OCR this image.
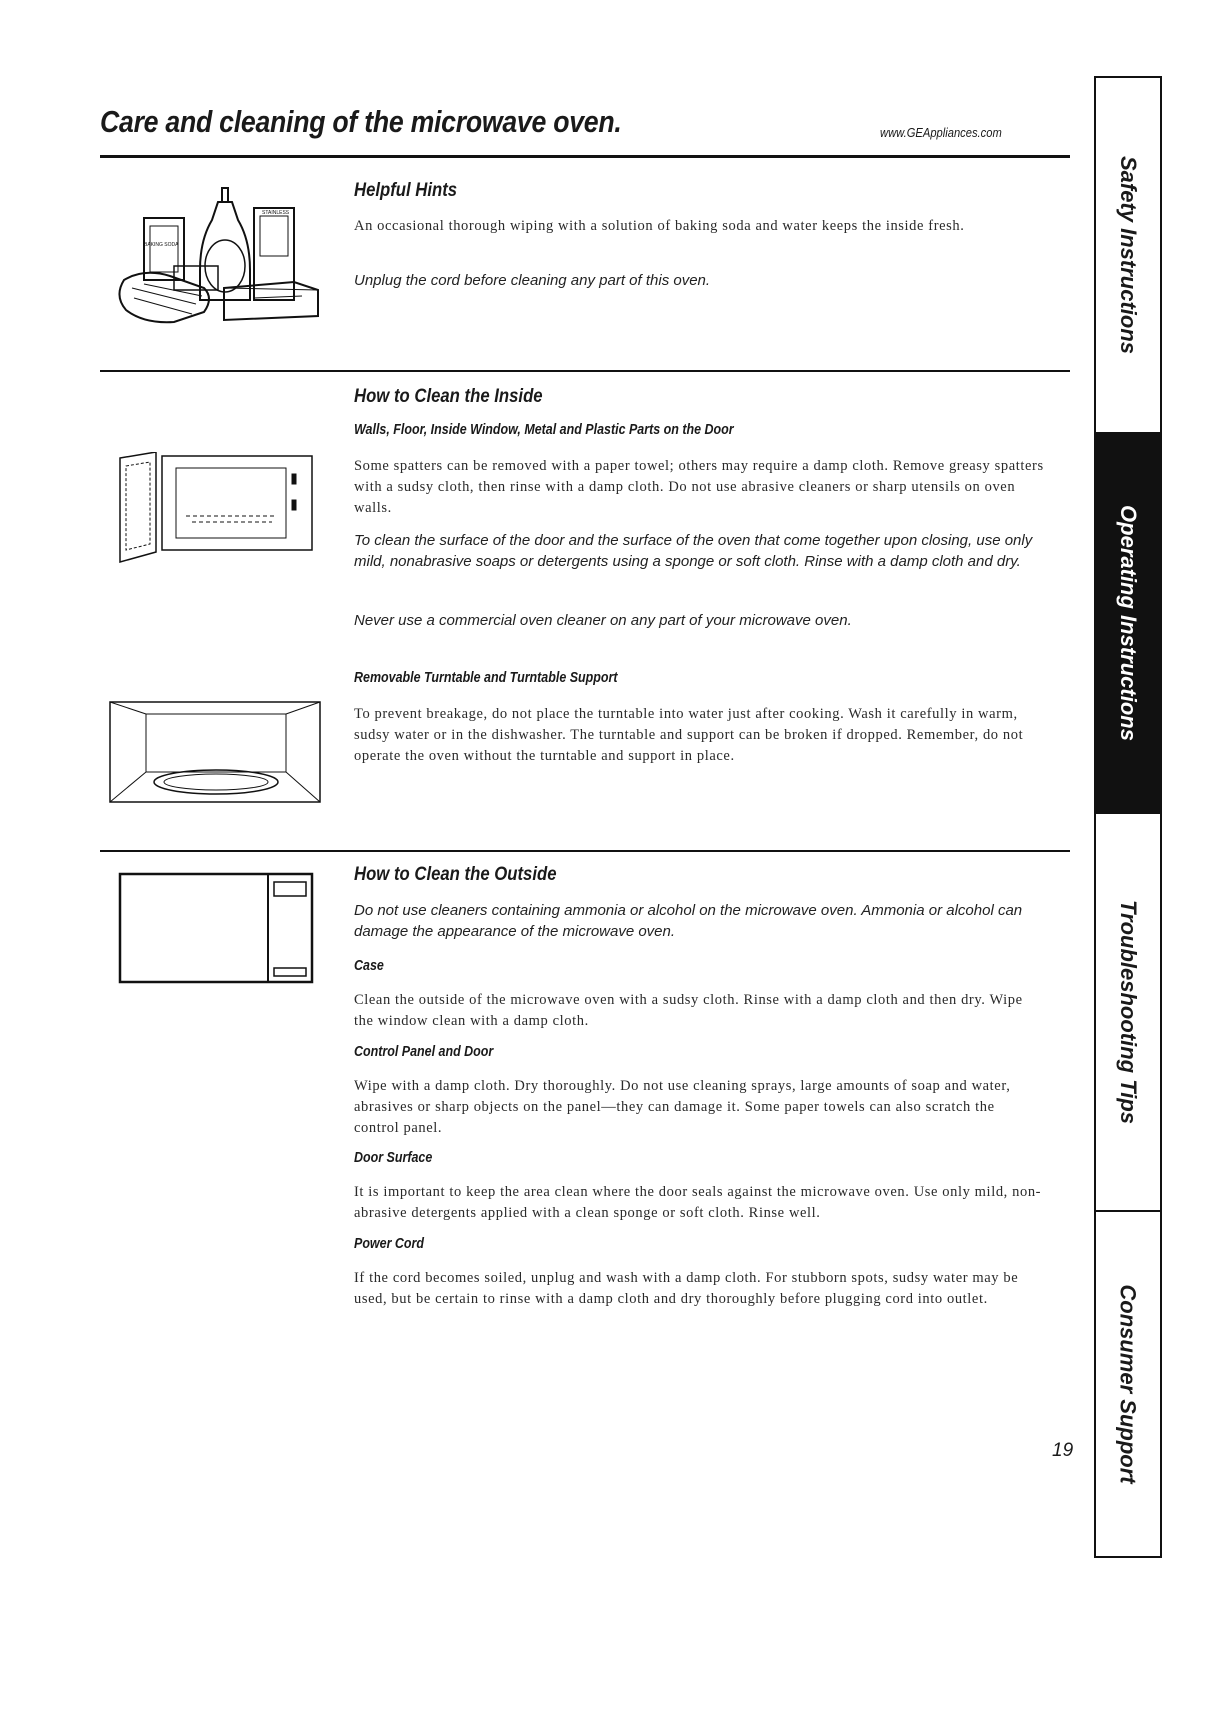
Care and cleaning of the microwave oven.	www.GEAppliances.com
STAINLESS
BAKING SODA
Helpful Hints
An occasional thorough wiping with a solution of baking soda and water keeps the inside fresh.
Unplug the cord before cleaning any part of this oven.
How to Clean the Inside
Walls, Floor, Inside Window, Metal and Plastic Parts on the Door
Some spatters can be removed with a paper towel; others may require a damp cloth. Remove greasy spatters with a sudsy cloth, then rinse with a damp cloth. Do not use abrasive cleaners or sharp utensils on oven walls.
To clean the surface of the door and the surface of the oven that come together upon closing, use only mild, nonabrasive soaps or detergents using a sponge or soft cloth. Rinse with a damp cloth and dry.
Never use a commercial oven cleaner on any part of your microwave oven.
Removable Turntable and Turntable Support
To prevent breakage, do not place the turntable into water just after cooking. Wash it carefully in warm, sudsy water or in the dishwasher. The turntable and support can be broken if dropped. Remember, do not operate the oven without the turntable and support in place.
How to Clean the Outside
Do not use cleaners containing ammonia or alcohol on the microwave oven. Ammonia or alcohol can damage the appearance of the microwave oven.
Case
Clean the outside of the microwave oven with a sudsy cloth. Rinse with a damp cloth and then dry. Wipe the window clean with a damp cloth.
Control Panel and Door
Wipe with a damp cloth. Dry thoroughly. Do not use cleaning sprays, large amounts of soap and water, abrasives or sharp objects on the panel—they can damage it. Some paper towels can also scratch the control panel.
Door Surface
It is important to keep the area clean where the door seals against the microwave oven. Use only mild, non-abrasive detergents applied with a clean sponge or soft cloth. Rinse well.
Power Cord
If the cord becomes soiled, unplug and wash with a damp cloth. For stubborn spots, sudsy water may be used, but be certain to rinse with a damp cloth and dry thoroughly before plugging cord into outlet.
Safety Instructions
Operating Instructions
Troubleshooting Tips
Consumer Support
19
